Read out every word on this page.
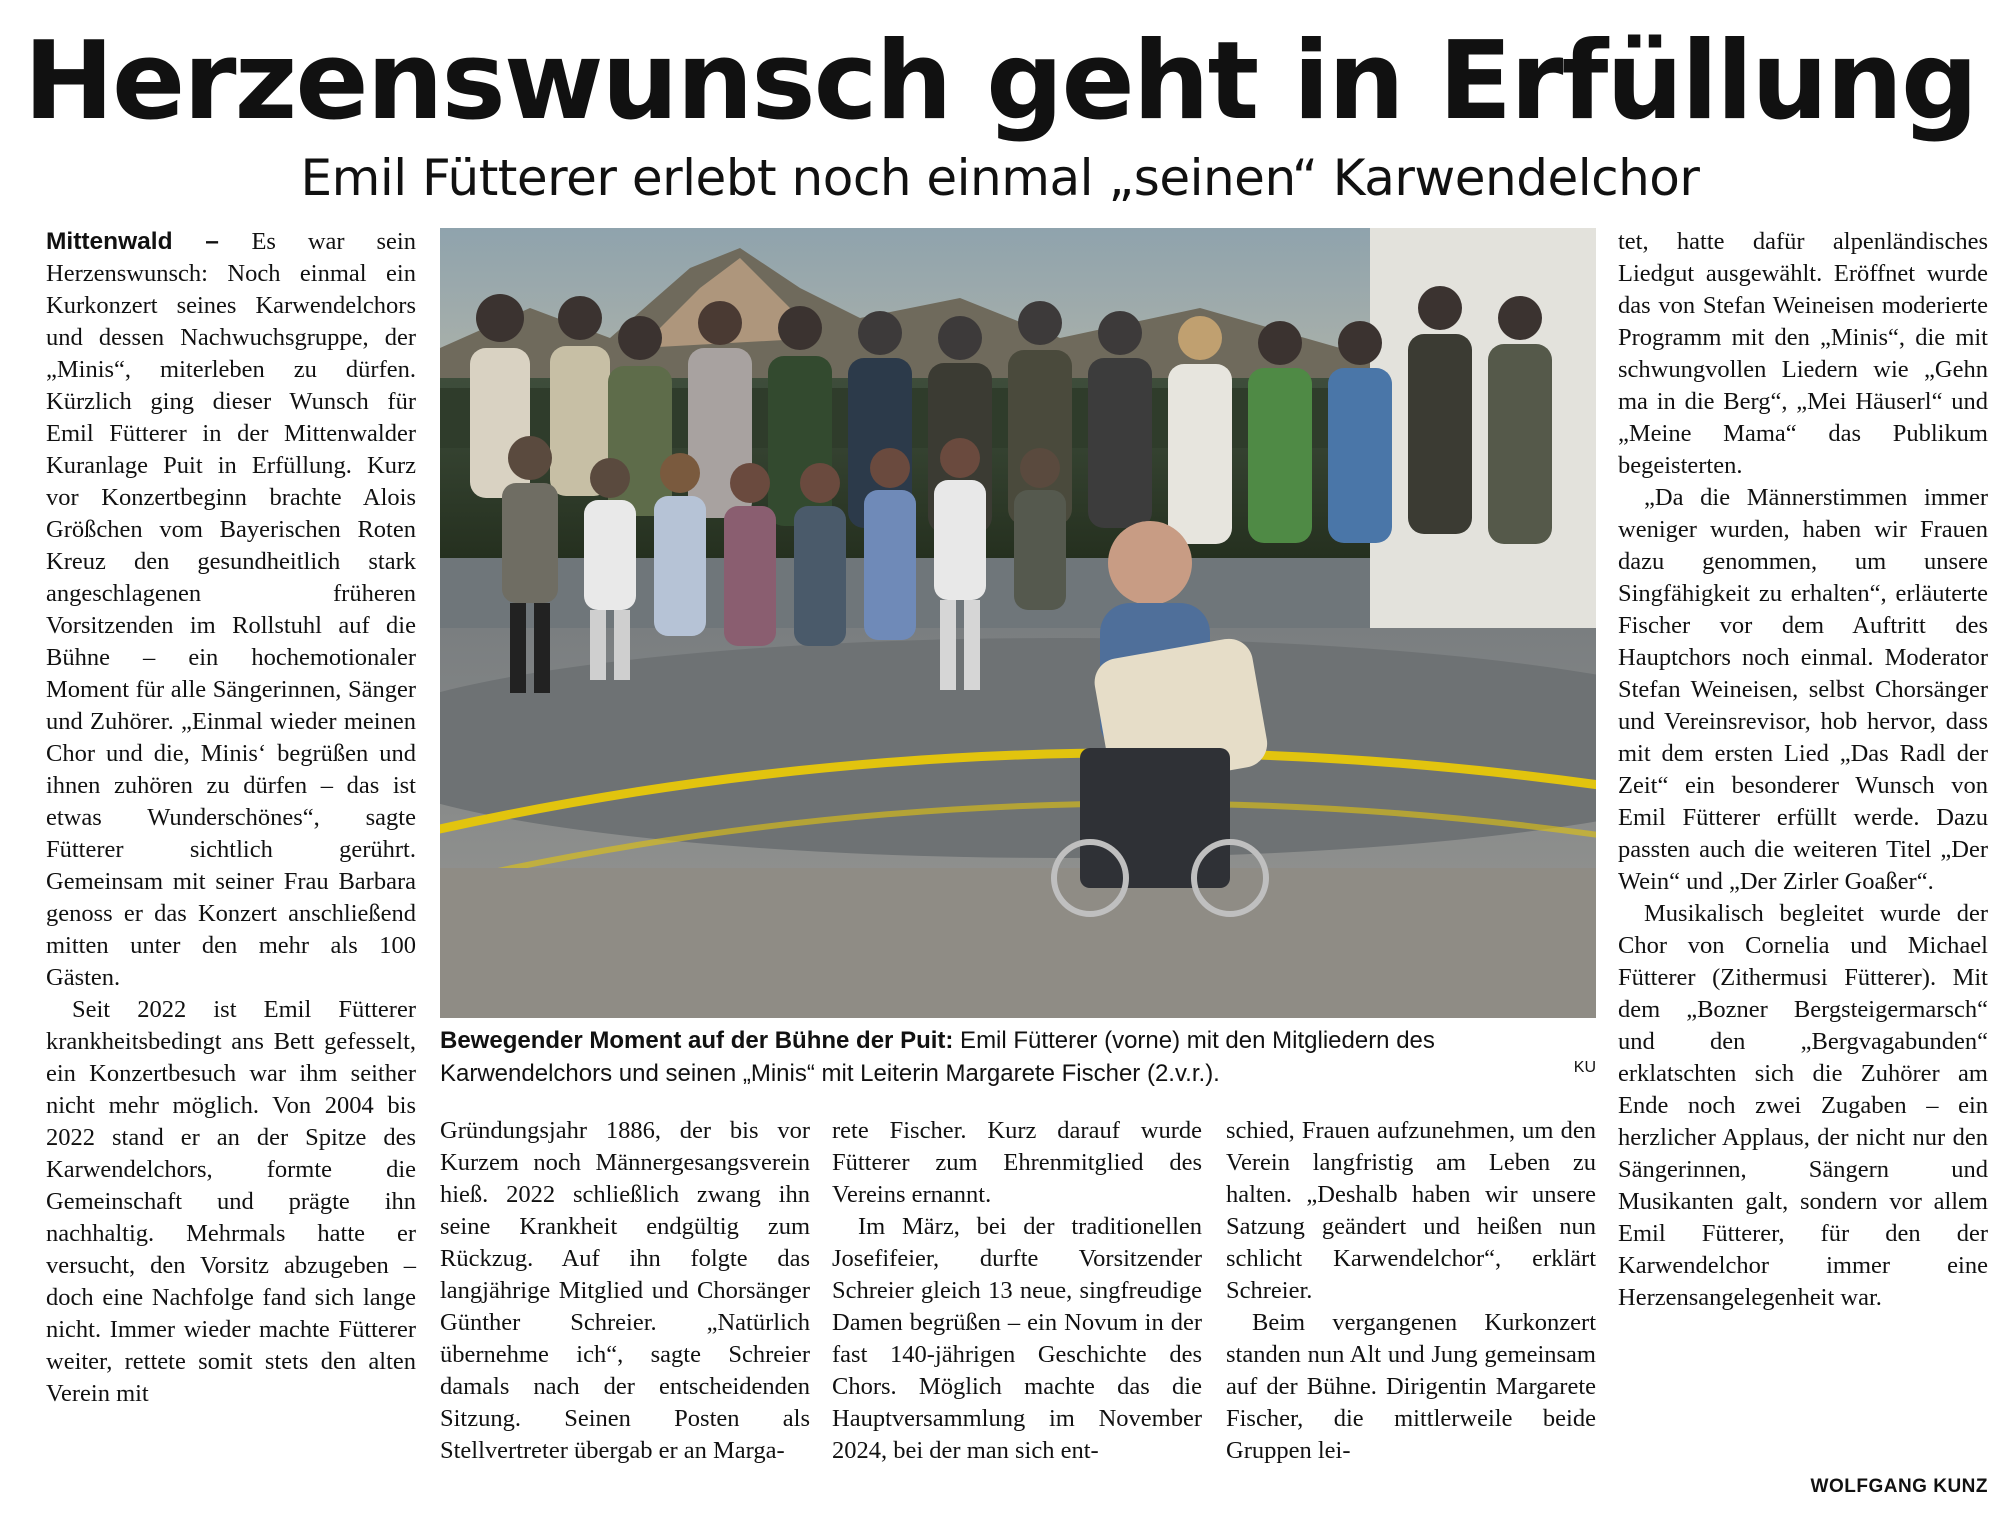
Herzenswunsch geht in Erfüllung
Emil Fütterer erlebt noch einmal „seinen“ Karwendelchor

Mittenwald – Es war sein Herzenswunsch: Noch einmal ein Kurkonzert seines Karwendelchors und dessen Nachwuchsgruppe, der „Minis“, miterleben zu dürfen. Kürzlich ging dieser Wunsch für Emil Fütterer in der Mittenwalder Kuranlage Puit in Erfüllung. Kurz vor Konzertbeginn brachte Alois Größchen vom Bayerischen Roten Kreuz den gesundheitlich stark angeschlagenen früheren Vorsitzenden im Rollstuhl auf die Bühne – ein hochemotionaler Moment für alle Sängerinnen, Sänger und Zuhörer. „Einmal wieder meinen Chor und die, Minis‘ begrüßen und ihnen zuhören zu dürfen – das ist etwas Wunderschönes“, sagte Fütterer sichtlich gerührt. Gemeinsam mit seiner Frau Barbara genoss er das Konzert anschließend mitten unter den mehr als 100 Gästen.

Seit 2022 ist Emil Fütterer krankheitsbedingt ans Bett gefesselt, ein Konzertbesuch war ihm seither nicht mehr möglich. Von 2004 bis 2022 stand er an der Spitze des Karwendelchors, formte die Gemeinschaft und prägte ihn nachhaltig. Mehrmals hatte er versucht, den Vorsitz abzugeben – doch eine Nachfolge fand sich lange nicht. Immer wieder machte Fütterer weiter, rettete somit stets den alten Verein mit

Bewegender Moment auf der Bühne der Puit: Emil Fütterer (vorne) mit den Mitgliedern des Karwendelchors und seinen „Minis“ mit Leiterin Margarete Fischer (2.v.r.).	KU

Gründungsjahr 1886, der bis vor Kurzem noch Männergesangsverein hieß. 2022 schließlich zwang ihn seine Krankheit endgültig zum Rückzug. Auf ihn folgte das langjährige Mitglied und Chorsänger Günther Schreier. „Natürlich übernehme ich“, sagte Schreier damals nach der entscheidenden Sitzung. Seinen Posten als Stellvertreter übergab er an Marga-

rete Fischer. Kurz darauf wurde Fütterer zum Ehrenmitglied des Vereins ernannt.

Im März, bei der traditionellen Josefifeier, durfte Vorsitzender Schreier gleich 13 neue, singfreudige Damen begrüßen – ein Novum in der fast 140-jährigen Geschichte des Chors. Möglich machte das die Hauptversammlung im November 2024, bei der man sich ent-

schied, Frauen aufzunehmen, um den Verein langfristig am Leben zu halten. „Deshalb haben wir unsere Satzung geändert und heißen nun schlicht Karwendelchor“, erklärt Schreier.

Beim vergangenen Kurkonzert standen nun Alt und Jung gemeinsam auf der Bühne. Dirigentin Margarete Fischer, die mittlerweile beide Gruppen lei-

tet, hatte dafür alpenländisches Liedgut ausgewählt. Eröffnet wurde das von Stefan Weineisen moderierte Programm mit den „Minis“, die mit schwungvollen Liedern wie „Gehn ma in die Berg“, „Mei Häuserl“ und „Meine Mama“ das Publikum begeisterten.

„Da die Männerstimmen immer weniger wurden, haben wir Frauen dazu genommen, um unsere Singfähigkeit zu erhalten“, erläuterte Fischer vor dem Auftritt des Hauptchors noch einmal. Moderator Stefan Weineisen, selbst Chorsänger und Vereinsrevisor, hob hervor, dass mit dem ersten Lied „Das Radl der Zeit“ ein besonderer Wunsch von Emil Fütterer erfüllt werde. Dazu passten auch die weiteren Titel „Der Wein“ und „Der Zirler Goaßer“.

Musikalisch begleitet wurde der Chor von Cornelia und Michael Fütterer (Zithermusi Fütterer). Mit dem „Bozner Bergsteigermarsch“ und den „Bergvagabunden“ erklatschten sich die Zuhörer am Ende noch zwei Zugaben – ein herzlicher Applaus, der nicht nur den Sängerinnen, Sängern und Musikanten galt, sondern vor allem Emil Fütterer, für den der Karwendelchor immer eine Herzensangelegenheit war.

WOLFGANG KUNZ
